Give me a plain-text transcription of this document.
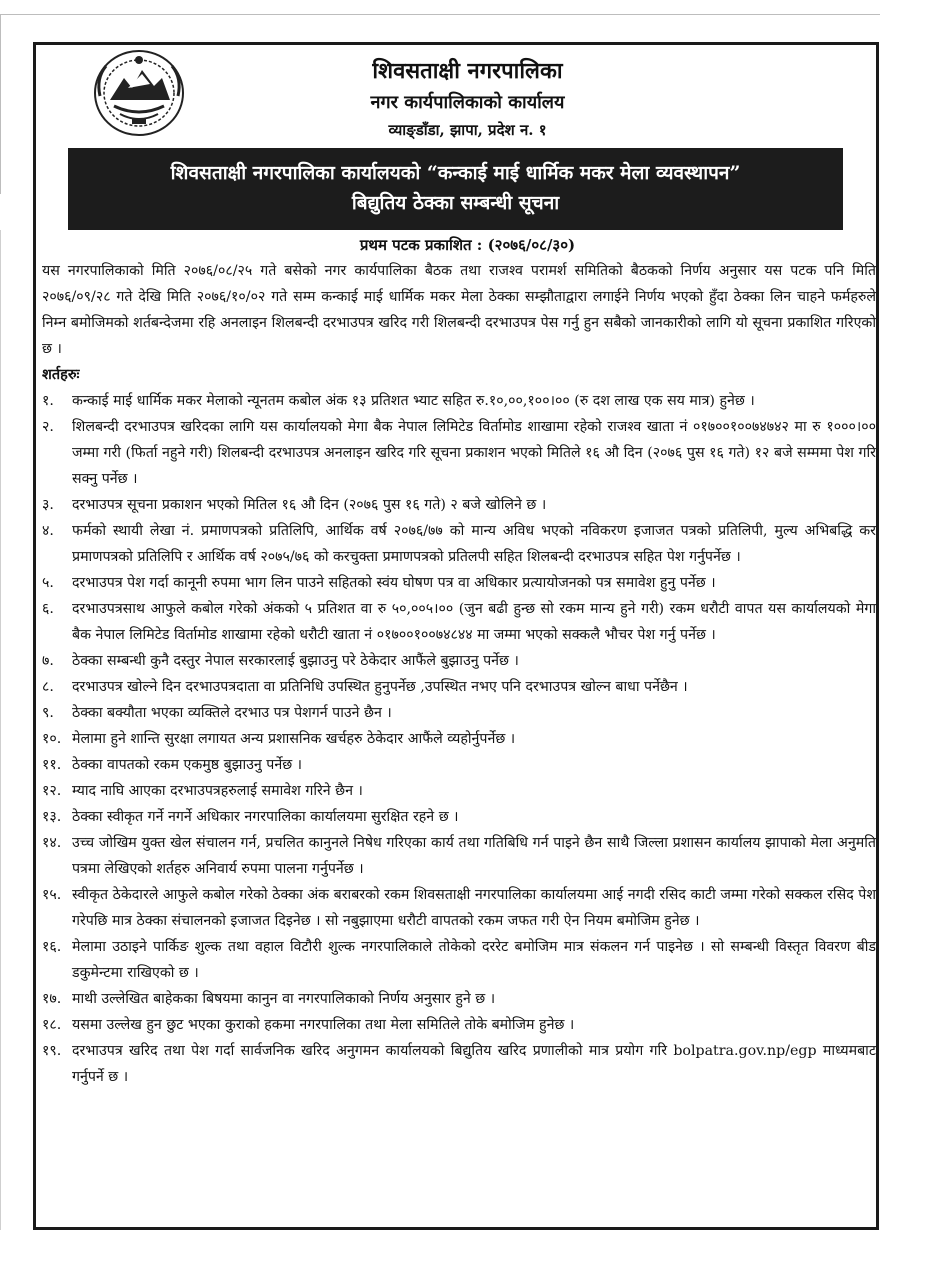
शिवसताक्षी नगरपालिका
नगर कार्यपालिकाको कार्यालय
व्याङ्डाँडा, झापा, प्रदेश न. १
शिवसताक्षी नगरपालिका कार्यालयको “कन्काई माई धार्मिक मकर मेला व्यवस्थापन”
बिद्युतिय ठेक्का सम्बन्धी सूचना
प्रथम पटक प्रकाशित : (२०७६/०८/३०)
यस नगरपालिकाको मिति २०७६/०८/२५ गते बसेको नगर कार्यपालिका बैठक तथा राजश्व परामर्श समितिको बैठकको निर्णय अनुसार यस पटक पनि मिति २०७६/०९/२८ गते देखि मिति २०७६/१०/०२ गते सम्म कन्काई माई धार्मिक मकर मेला ठेक्का सम्झौताद्वारा लगाईने निर्णय भएको हुँदा ठेक्का लिन चाहने फर्महरुले निम्न बमोजिमको शर्तबन्देजमा रहि अनलाइन शिलबन्दी दरभाउपत्र खरिद गरी शिलबन्दी दरभाउपत्र पेस गर्नु हुन सबैको जानकारीको लागि यो सूचना प्रकाशित गरिएको छ ।
शर्तहरुः
१.	कन्काई माई धार्मिक मकर मेलाको न्यूनतम कबोल अंक १३ प्रतिशत भ्याट सहित रु.१०,००,१००।०० (रु दश लाख एक सय मात्र) हुनेछ ।
२.	शिलबन्दी दरभाउपत्र खरिदका लागि यस कार्यालयको मेगा बैक नेपाल लिमिटेड विर्तामोड शाखामा रहेको राजश्व खाता नं ०१७००१००७४७४२ मा रु १०००।०० जम्मा गरी (फिर्ता नहुने गरी) शिलबन्दी दरभाउपत्र अनलाइन खरिद गरि सूचना प्रकाशन भएको मितिले १६ औ दिन (२०७६ पुस १६ गते) १२ बजे सम्ममा पेश गरि सक्नु पर्नेछ ।
३.	दरभाउपत्र सूचना प्रकाशन भएको मितिल १६ औ दिन (२०७६ पुस १६ गते) २ बजे खोलिने छ ।
४.	फर्मको स्थायी लेखा नं. प्रमाणपत्रको प्रतिलिपि, आर्थिक वर्ष २०७६/७७ को मान्य अविध भएको नविकरण इजाजत पत्रको प्रतिलिपी, मुल्य अभिबद्धि कर प्रमाणपत्रको प्रतिलिपि र आर्थिक वर्ष २०७५/७६ को करचुक्ता प्रमाणपत्रको प्रतिलपी सहित शिलबन्दी दरभाउपत्र सहित पेश गर्नुपर्नेछ ।
५.	दरभाउपत्र पेश गर्दा कानूनी रुपमा भाग लिन पाउने सहितको स्वंय घोषण पत्र वा अधिकार प्रत्यायोजनको पत्र समावेश हुनु पर्नेछ ।
६.	दरभाउपत्रसाथ आफुले कबोल गरेको अंकको ५ प्रतिशत वा रु ५०,००५।०० (जुन बढी हुन्छ सो रकम मान्य हुने गरी) रकम धरौटी वापत यस कार्यालयको मेगा बैक नेपाल लिमिटेड विर्तामोड शाखामा रहेको धरौटी खाता नं ०१७००१००७४८४४ मा जम्मा भएको सक्कलै भौचर पेश गर्नु पर्नेछ ।
७.	ठेक्का सम्बन्धी कुनै दस्तुर नेपाल सरकारलाई बुझाउनु परे ठेकेदार आफैंले बुझाउनु पर्नेछ ।
८.	दरभाउपत्र खोल्ने दिन दरभाउपत्रदाता वा प्रतिनिधि उपस्थित हुनुपर्नेछ ,उपस्थित नभए पनि दरभाउपत्र खोल्न बाधा पर्नेछैन ।
९.	ठेक्का बक्यौता भएका व्यक्तिले दरभाउ पत्र पेशगर्न पाउने छैन ।
१०. मेलामा हुने शान्ति सुरक्षा लगायत अन्य प्रशासनिक खर्चहरु ठेकेदार आफैंले व्यहोर्नुपर्नेछ ।
११. ठेक्का वापतको रकम एकमुष्ठ बुझाउनु पर्नेछ ।
१२. म्याद नाघि आएका दरभाउपत्रहरुलाई समावेश गरिने छैन ।
१३. ठेक्का स्वीकृत गर्ने नगर्ने अधिकार नगरपालिका कार्यालयमा सुरक्षित रहने छ ।
१४. उच्च जोखिम युक्त खेल संचालन गर्न, प्रचलित कानुनले निषेध गरिएका कार्य तथा गतिबिधि गर्न पाइने छैन साथै जिल्ला प्रशासन कार्यालय झापाको मेला अनुमति पत्रमा लेखिएको शर्तहरु अनिवार्य रुपमा पालना गर्नुपर्नेछ ।
१५. स्वीकृत ठेकेदारले आफुले कबोल गरेको ठेक्का अंक बराबरको रकम शिवसताक्षी नगरपालिका कार्यालयमा आई नगदी रसिद काटी जम्मा गरेको सक्कल रसिद पेश गरेपछि मात्र ठेक्का संचालनको इजाजत दिइनेछ । सो नबुझाएमा धरौटी वापतको रकम जफत गरी ऐन नियम बमोजिम हुनेछ ।
१६. मेलामा उठाइने पार्किङ शुल्क तथा वहाल विटौरी शुल्क नगरपालिकाले तोकेको दररेट बमोजिम मात्र संकलन गर्न पाइनेछ । सो सम्बन्धी विस्तृत विवरण बीड डकुमेन्टमा राखिएको छ ।
१७. माथी उल्लेखित बाहेकका बिषयमा कानुन वा नगरपालिकाको निर्णय अनुसार हुने छ ।
१८. यसमा उल्लेख हुन छुट भएका कुराको हकमा नगरपालिका तथा मेला समितिले तोके बमोजिम हुनेछ ।
१९. दरभाउपत्र खरिद तथा पेश गर्दा सार्वजनिक खरिद अनुगमन कार्यालयको बिद्युतिय खरिद प्रणालीको मात्र प्रयोग गरि bolpatra.gov.np/egp माध्यमबाट गर्नुपर्ने छ ।
